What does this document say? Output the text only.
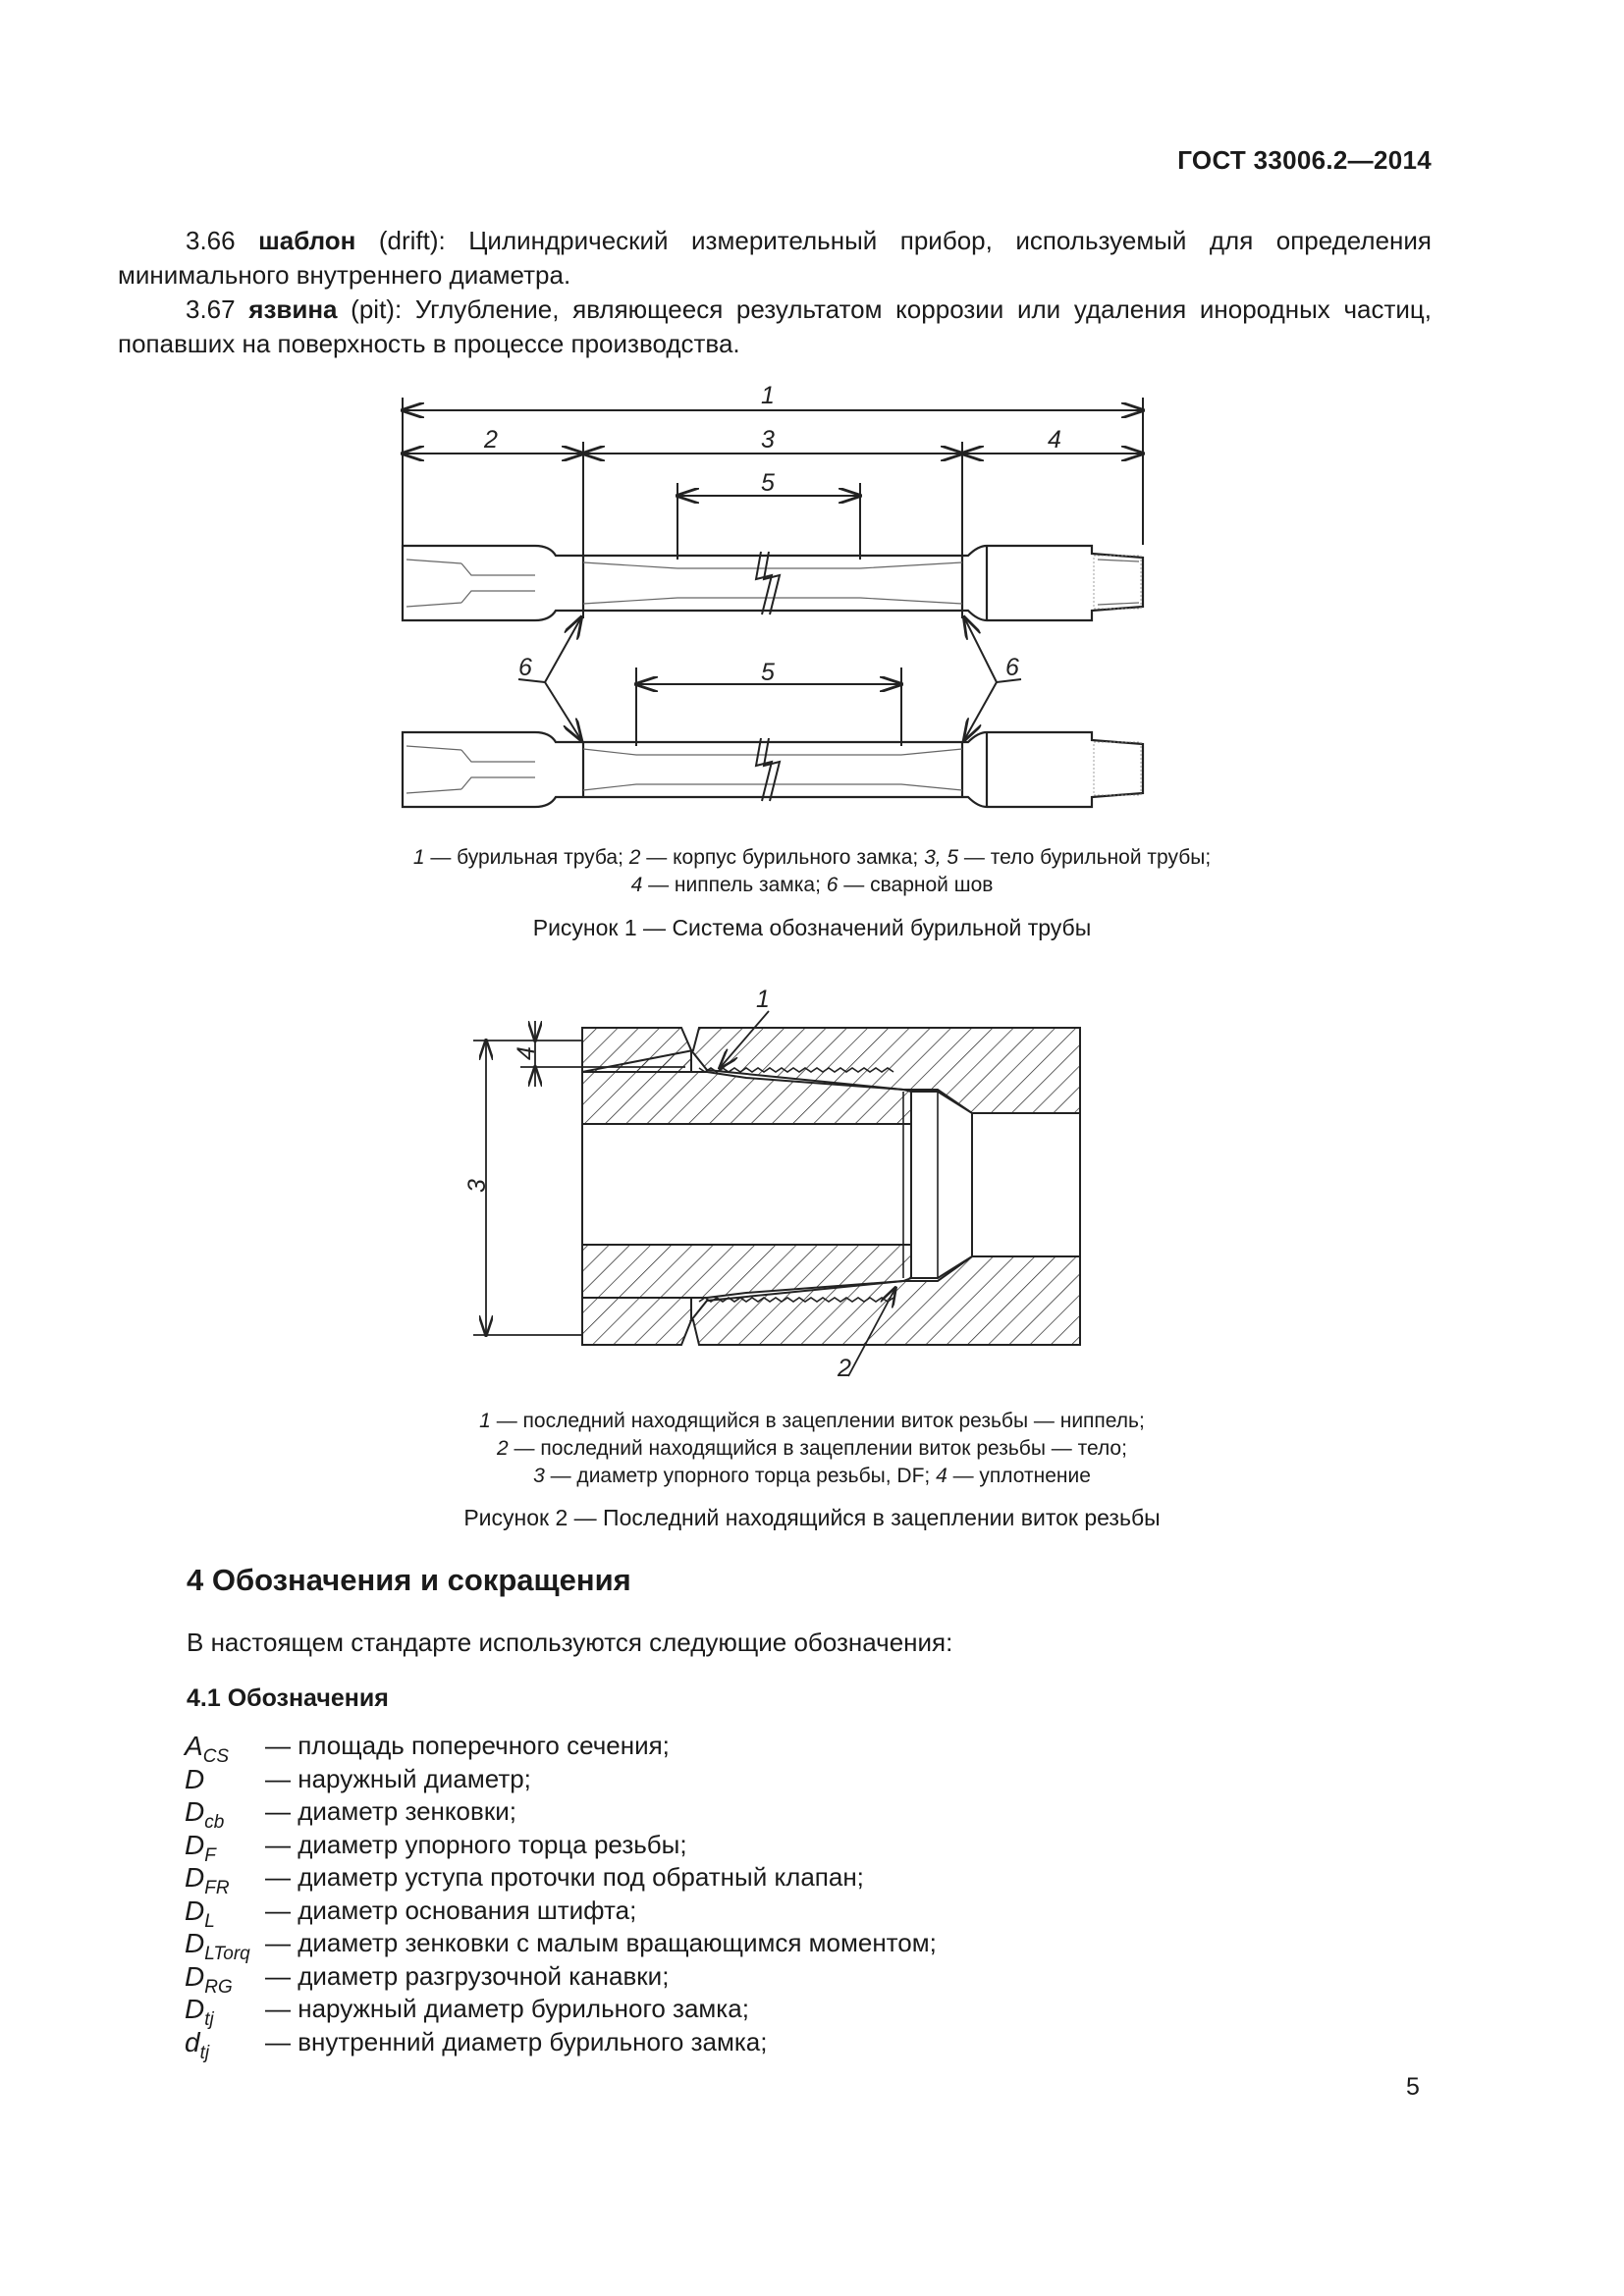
ГОСТ 33006.2—2014

3.66 шаблон (drift): Цилиндрический измерительный прибор, используемый для определения минимального внутреннего диаметра.

3.67 язвина (pit): Углубление, являющееся результатом коррозии или удаления инородных частиц, попавших на поверхность в процессе производства.

1
2	3	4
5
5
6	6
1 — бурильная труба; 2 — корпус бурильного замка; 3, 5 — тело бурильной трубы;
4 — ниппель замка; 6 — сварной шов
Рисунок 1 — Система обозначений бурильной трубы
1
2
3
4
1 — последний находящийся в зацеплении виток резьбы — ниппель;
2 — последний находящийся в зацеплении виток резьбы — тело;
3 — диаметр упорного торца резьбы, DF; 4 — уплотнение
Рисунок 2 — Последний находящийся в зацеплении виток резьбы
4 Обозначения и сокращения

В настоящем стандарте используются следующие обозначения:

4.1 Обозначения
$A_{CS}$ — площадь поперечного сечения;
D — наружный диаметр;
$D_{cb}$ — диаметр зенковки;
$D_F$ — диаметр упорного торца резьбы;
$D_{FR}$ — диаметр уступа проточки под обратный клапан;
$D_L$ — диаметр основания штифта;
$D_{LTorq}$ — диаметр зенковки с малым вращающимся моментом;
$D_{RG}$ — диаметр разгрузочной канавки;
$D_{tj}$ — наружный диаметр бурильного замка;
$d_{tj}$ — внутренний диаметр бурильного замка;
5
